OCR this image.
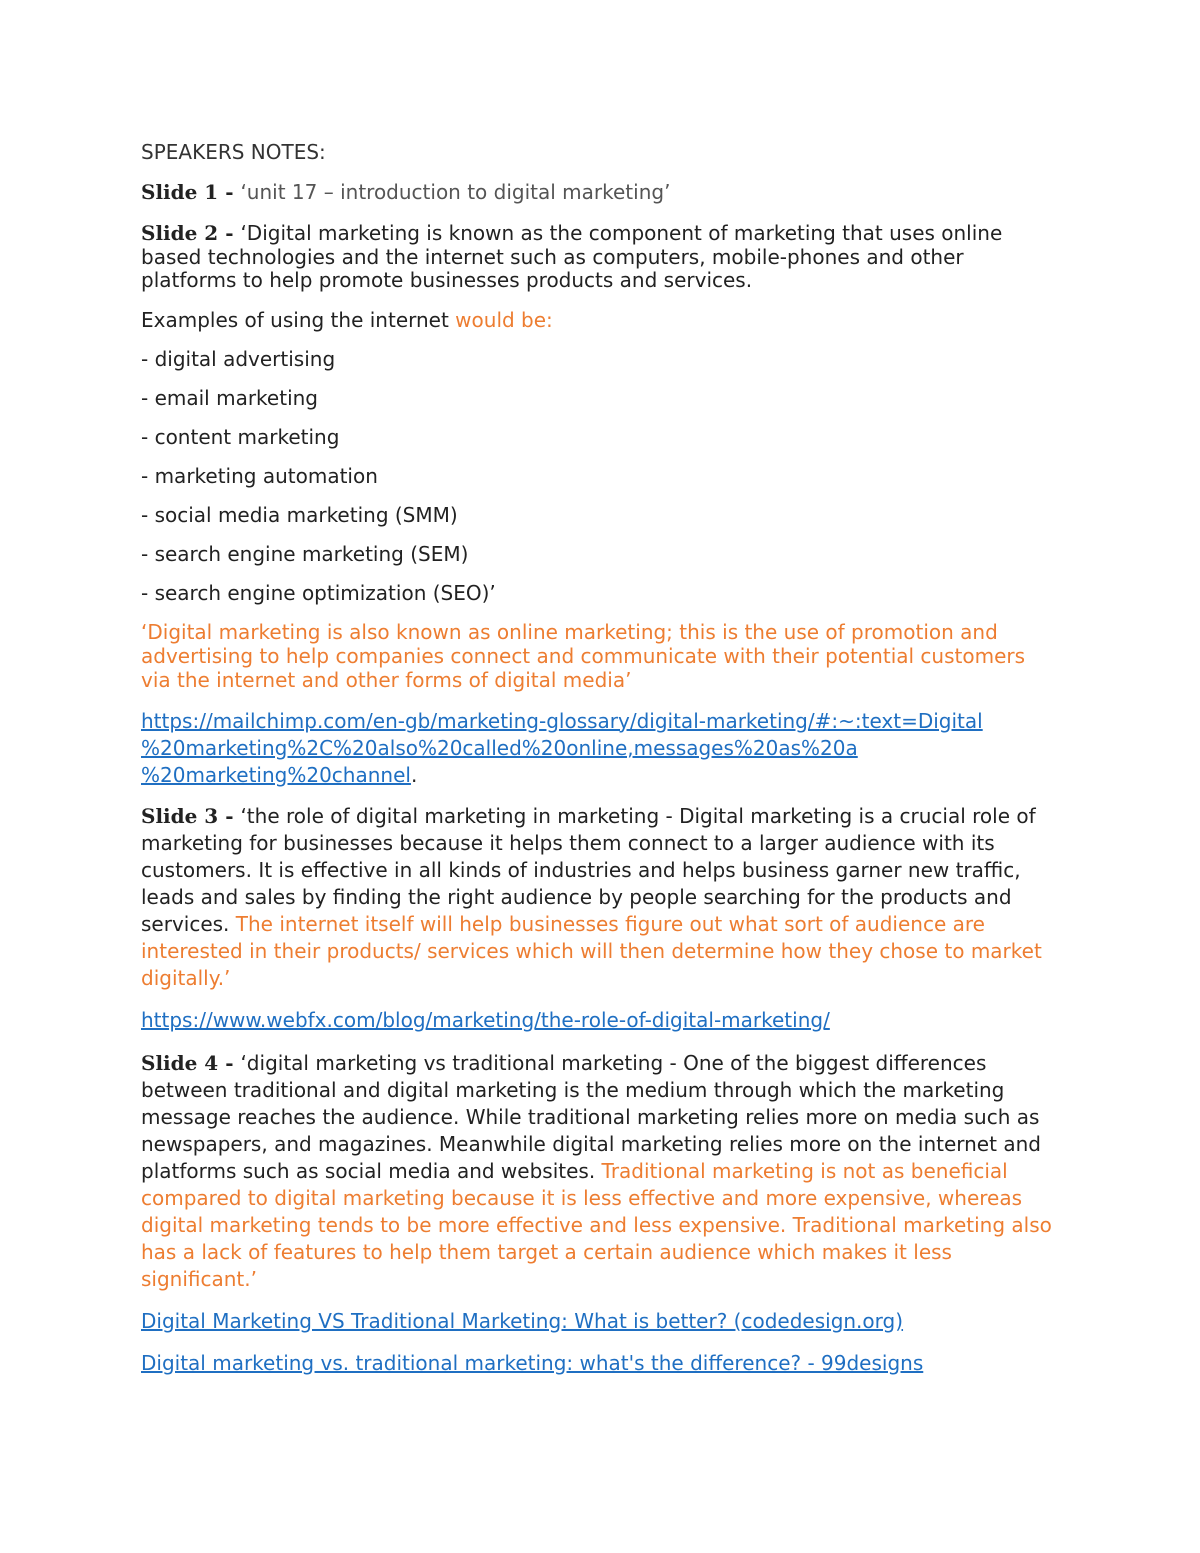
SPEAKERS NOTES:
Slide 1 - ‘unit 17 – introduction to digital marketing’
Slide 2 - ‘Digital marketing is known as the component of marketing that uses online based technologies and the internet such as computers, mobile-phones and other platforms to help promote businesses products and services.
Examples of using the internet would be:
- digital advertising
- email marketing
- content marketing
- marketing automation
- social media marketing (SMM)
- search engine marketing (SEM)
- search engine optimization (SEO)’
‘Digital marketing is also known as online marketing; this is the use of promotion and advertising to help companies connect and communicate with their potential customers via the internet and other forms of digital media’
https://mailchimp.com/en-gb/marketing-glossary/digital-marketing/#:~:text=Digital
%20marketing%2C%20also%20called%20online,messages%20as%20a
%20marketing%20channel.
Slide 3 - ‘the role of digital marketing in marketing - Digital marketing is a crucial role of marketing for businesses because it helps them connect to a larger audience with its customers. It is effective in all kinds of industries and helps business garner new traffic, leads and sales by finding the right audience by people searching for the products and services. The internet itself will help businesses figure out what sort of audience are interested in their products/ services which will then determine how they chose to market digitally.’
https://www.webfx.com/blog/marketing/the-role-of-digital-marketing/
Slide 4 - ‘digital marketing vs traditional marketing - One of the biggest differences between traditional and digital marketing is the medium through which the marketing message reaches the audience. While traditional marketing relies more on media such as newspapers, and magazines. Meanwhile digital marketing relies more on the internet and platforms such as social media and websites. Traditional marketing is not as beneficial compared to digital marketing because it is less effective and more expensive, whereas digital marketing tends to be more effective and less expensive. Traditional marketing also has a lack of features to help them target a certain audience which makes it less significant.’
Digital Marketing VS Traditional Marketing: What is better? (codedesign.org)
Digital marketing vs. traditional marketing: what's the difference? - 99designs
